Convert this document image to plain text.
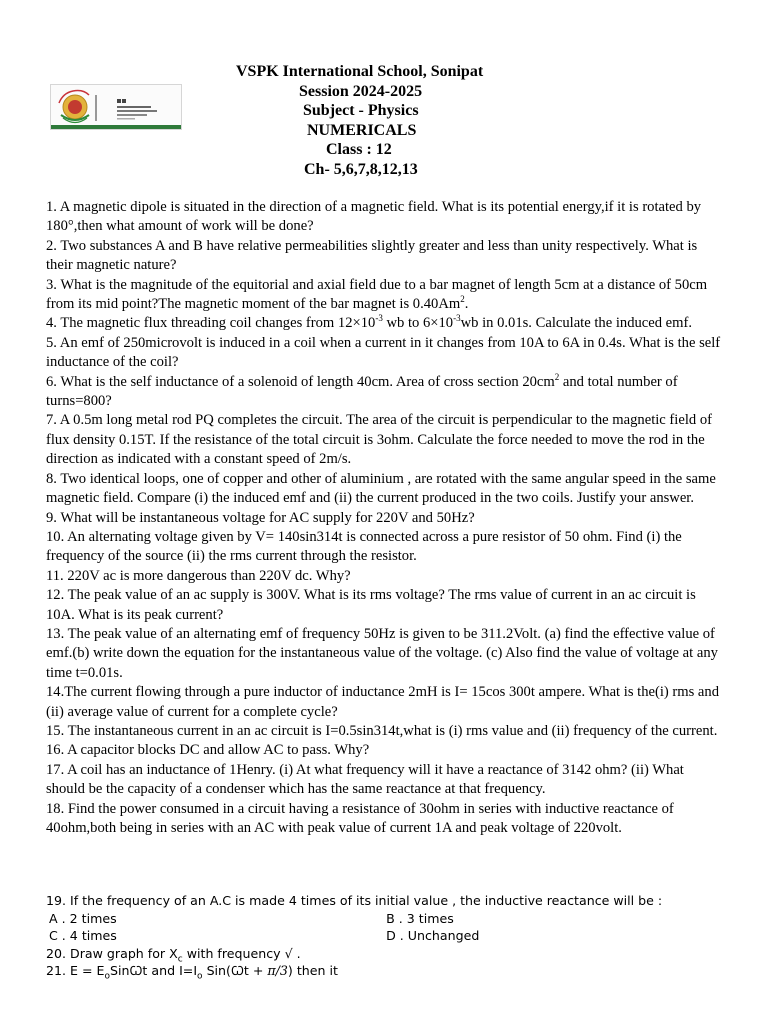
VSPK International School, Sonipat
Session 2024-2025
Subject - Physics
NUMERICALS
Class : 12
Ch- 5,6,7,8,12,13

1. A magnetic dipole is situated in the direction of a magnetic field. What is its potential energy,if it is rotated by 180°,then what amount of work will be done?

2. Two substances A and B have relative permeabilities slightly greater and less than unity respectively. What is their magnetic nature?

3. What is the magnitude of the equitorial and axial field due to a bar magnet of length 5cm at a distance of 50cm from its mid point?The magnetic moment of the bar magnet is 0.40Am$^2$.

4. The magnetic flux threading coil changes from $12\times 10^{-3}$ wb to $6\times 10^{-3}wb$ in 0.01s. Calculate the induced emf.

5. An emf of 250microvolt is induced in a coil when a current in it changes from 10A to 6A in 0.4s. What is the self inductance of the coil?

6. What is the self inductance of a solenoid of length 40cm. Area of cross section $20cm^2$ and total number of turns=800?

7. A 0.5m long metal rod PQ completes the circuit. The area of the circuit is perpendicular to the magnetic field of flux density 0.15T. If the resistance of the total circuit is 3ohm. Calculate the force needed to move the rod in the direction as indicated with a constant speed of 2m/s.

8. Two identical loops, one of copper and other of aluminium , are rotated with the same angular speed in the same magnetic field. Compare (i) the induced emf and (ii) the current produced in the two coils. Justify your answer.

9. What will be instantaneous voltage for AC supply for 220V and 50Hz?

10. An alternating voltage given by V= 140sin314t is connected across a pure resistor of 50 ohm. Find (i) the frequency of the source (ii) the rms current through the resistor.

11. 220V ac is more dangerous than 220V dc. Why?

12. The peak value of an ac supply is 300V. What is its rms voltage? The rms value of current in an ac circuit is 10A. What is its peak current?

13. The peak value of an alternating emf of frequency 50Hz is given to be 311.2Volt. (a) find the effective value of emf.(b) write down the equation for the instantaneous value of the voltage. (c) Also find the value of voltage at any time t=0.01s.

14.The current flowing through a pure inductor of inductance 2mH is I= 15cos 300t ampere. What is the(i) rms and (ii) average value of current for a complete cycle?

15. The instantaneous current in an ac circuit is I=0.5sin314t,what is (i) rms value and (ii) frequency of the current.

16. A capacitor blocks DC and allow AC to pass. Why?

17. A coil has an inductance of 1Henry. (i) At what frequency will it have a reactance of 3142 ohm? (ii) What should be the capacity of a condenser which has the same reactance at that frequency.

18. Find the power consumed in a circuit having a resistance of 30ohm in series with inductive reactance of 40ohm,both being in series with an AC with peak value of current 1A and peak voltage of 220volt.

19. If the frequency of an A.C is made 4 times of its initial value , the inductive reactance will be :
A . 2 times	B . 3 times
C . 4 times	D . Unchanged
20. Draw graph for $X_c$ with frequency √ .
21. $E = E_oSinꞶt$ and $I=I_o$ Sin(Ꞷt + π/3) then it
